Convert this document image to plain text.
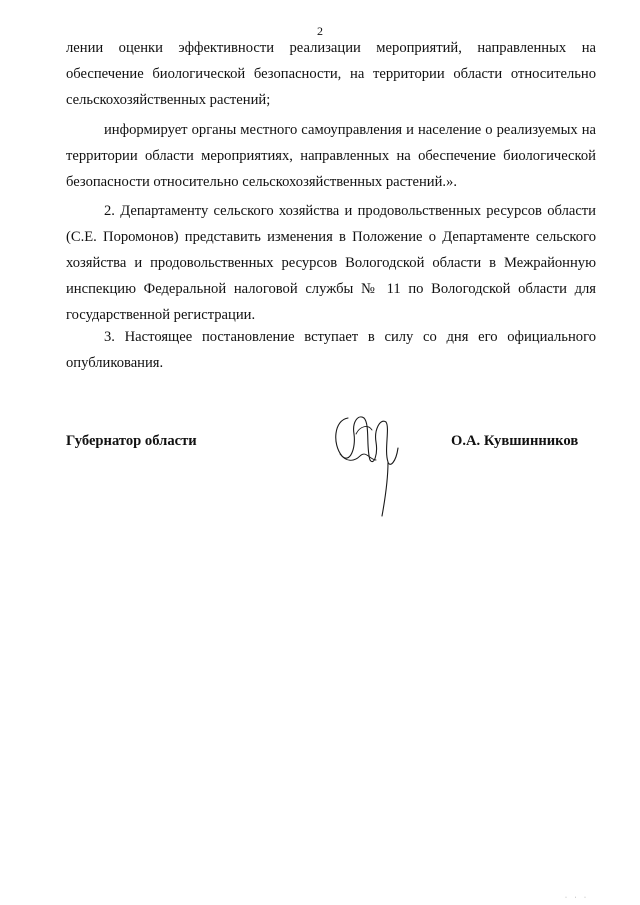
2

лении оценки эффективности реализации мероприятий, направленных на обеспечение биологической безопасности, на территории области относительно сельскохозяйственных растений;

информирует органы местного самоуправления и население о реализуемых на территории области мероприятиях, направленных на обеспечение биологической безопасности относительно сельскохозяйственных растений.».

2. Департаменту сельского хозяйства и продовольственных ресурсов области (С.Е. Поромонов) представить изменения в Положение о Департаменте сельского хозяйства и продовольственных ресурсов Вологодской области в Межрайонную инспекцию Федеральной налоговой службы № 11 по Вологодской области для государственной регистрации.

3. Настоящее постановление вступает в силу со дня его официального опубликования.

Губернатор области	О.А. Кувшинников
· · ·
